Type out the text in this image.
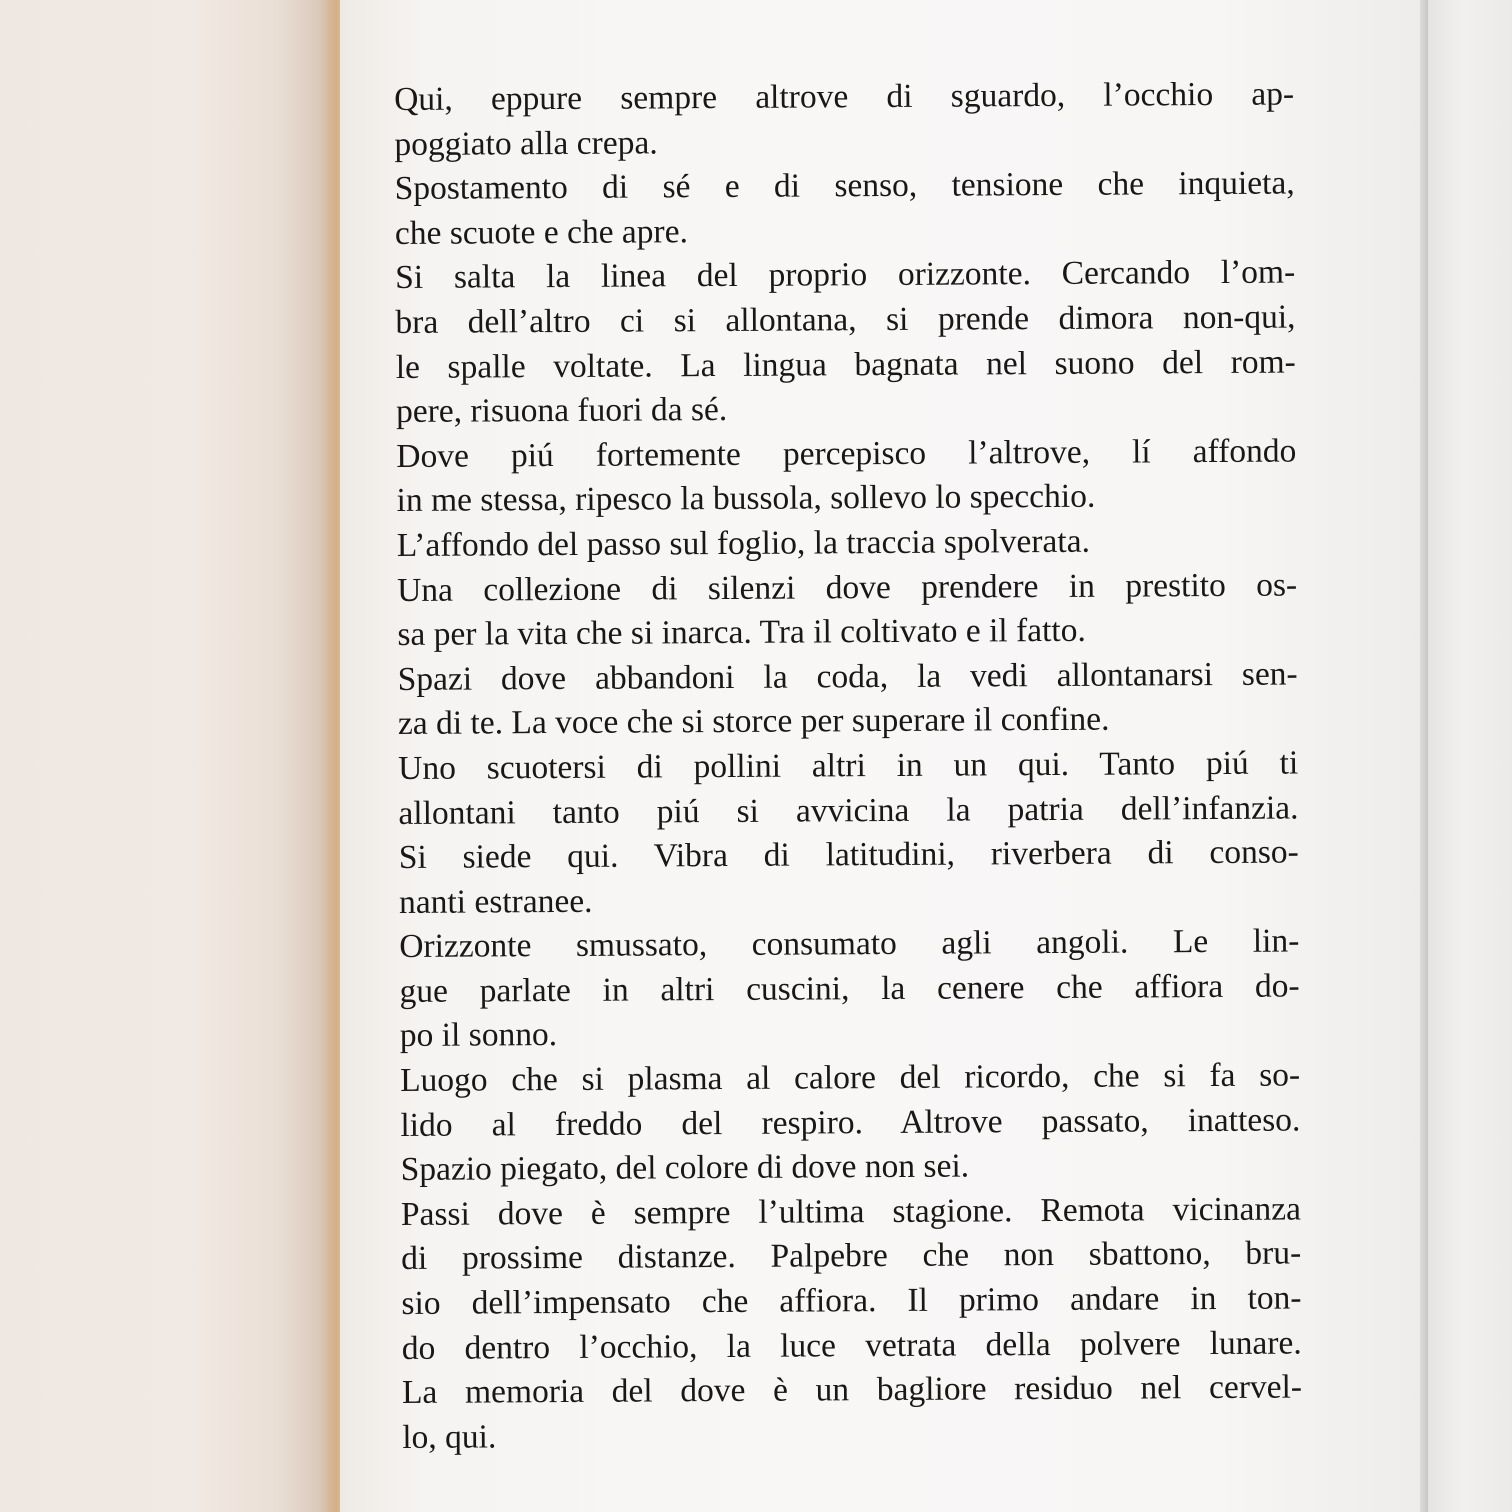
Qui, eppure sempre altrove di sguardo, l’occhio ap-
poggiato alla crepa.
Spostamento di sé e di senso, tensione che inquieta,
che scuote e che apre.
Si salta la linea del proprio orizzonte. Cercando l’om-
bra dell’altro ci si allontana, si prende dimora non-qui,
le spalle voltate. La lingua bagnata nel suono del rom-
pere, risuona fuori da sé.
Dove piú fortemente percepisco l’altrove, lí affondo
in me stessa, ripesco la bussola, sollevo lo specchio.
L’affondo del passo sul foglio, la traccia spolverata.
Una collezione di silenzi dove prendere in prestito os-
sa per la vita che si inarca. Tra il coltivato e il fatto.
Spazi dove abbandoni la coda, la vedi allontanarsi sen-
za di te. La voce che si storce per superare il confine.
Uno scuotersi di pollini altri in un qui. Tanto piú ti
allontani tanto piú si avvicina la patria dell’infanzia.
Si siede qui. Vibra di latitudini, riverbera di conso-
nanti estranee.
Orizzonte smussato, consumato agli angoli. Le lin-
gue parlate in altri cuscini, la cenere che affiora do-
po il sonno.
Luogo che si plasma al calore del ricordo, che si fa so-
lido al freddo del respiro. Altrove passato, inatteso.
Spazio piegato, del colore di dove non sei.
Passi dove è sempre l’ultima stagione. Remota vicinanza
di prossime distanze. Palpebre che non sbattono, bru-
sio dell’impensato che affiora. Il primo andare in ton-
do dentro l’occhio, la luce vetrata della polvere lunare.
La memoria del dove è un bagliore residuo nel cervel-
lo, qui.
